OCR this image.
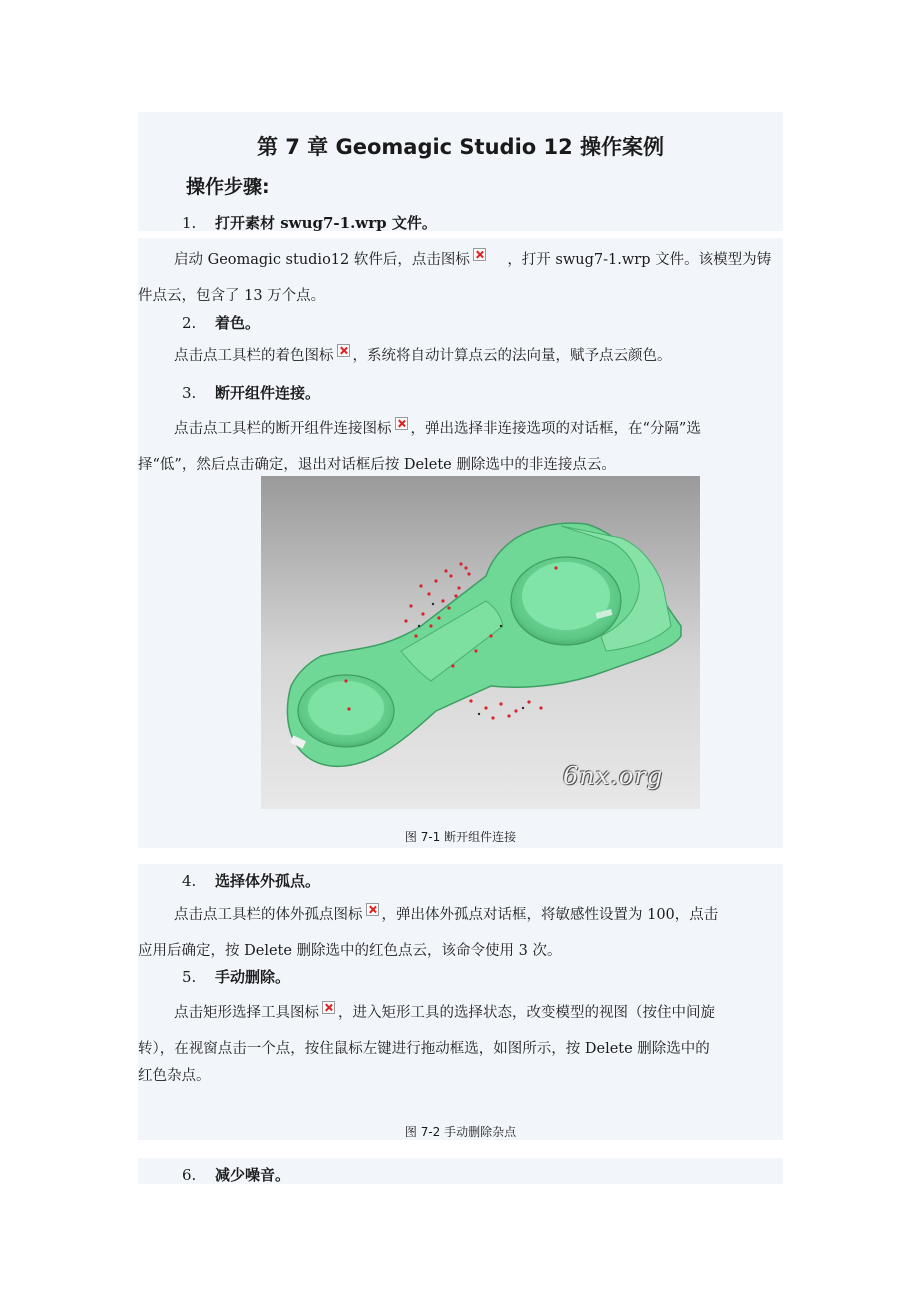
第 7 章 Geomagic Studio 12 操作案例
操作步骤:
1. 打开素材 swug7-1.wrp 文件。
启动 Geomagic studio12 软件后，点击图标	，打开 swug7-1.wrp 文件。该模型为铸
件点云，包含了 13 万个点。
2. 着色。
点击点工具栏的着色图标 ，系统将自动计算点云的法向量，赋予点云颜色。
3. 断开组件连接。
点击点工具栏的断开组件连接图标 ，弹出选择非连接选项的对话框，在“分隔”选
择“低”，然后点击确定，退出对话框后按 Delete 删除选中的非连接点云。
6nx.org
图 7-1 断开组件连接
4. 选择体外孤点。
点击点工具栏的体外孤点图标 ，弹出体外孤点对话框，将敏感性设置为 100，点击
应用后确定，按 Delete 删除选中的红色点云，该命令使用 3 次。
5. 手动删除。
点击矩形选择工具图标 ，进入矩形工具的选择状态，改变模型的视图（按住中间旋
转），在视窗点击一个点，按住鼠标左键进行拖动框选，如图所示，按 Delete 删除选中的
红色杂点。
图 7-2 手动删除杂点
6. 减少噪音。
